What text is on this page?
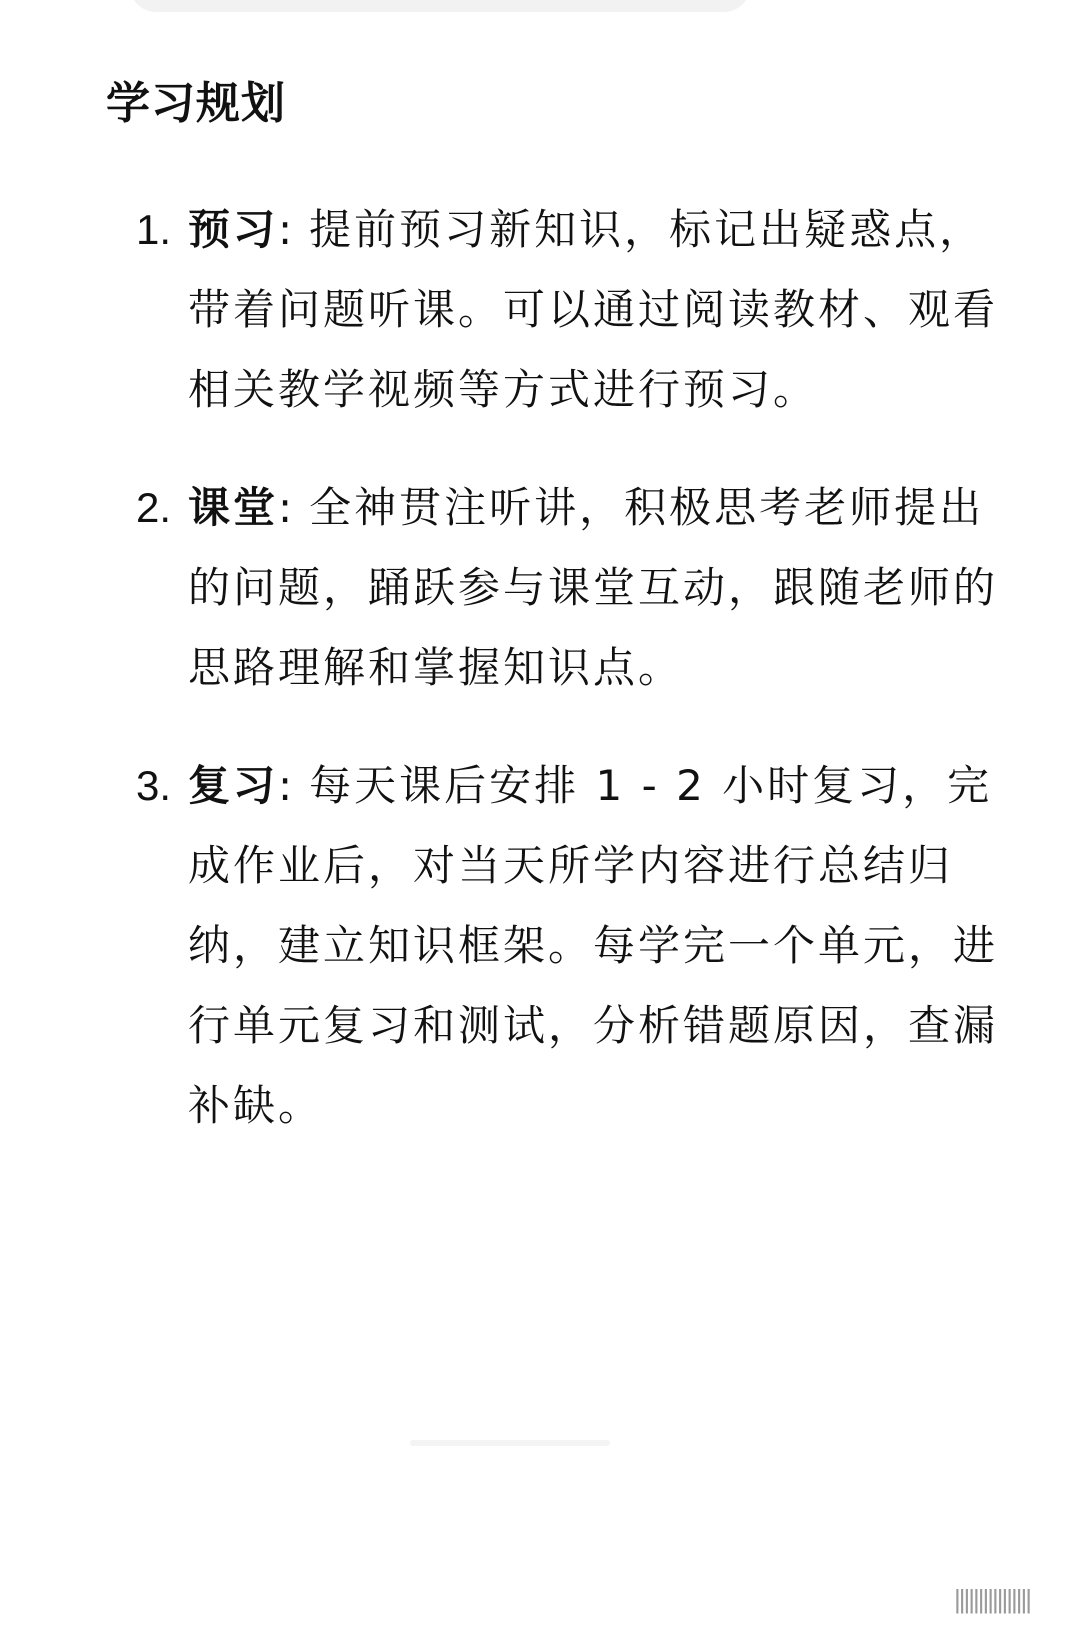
学习规划
1. 预习: 提前预习新知识，标记出疑惑点，带着问题听课。可以通过阅读教材、观看相关教学视频等方式进行预习。
2. 课堂: 全神贯注听讲，积极思考老师提出的问题，踊跃参与课堂互动，跟随老师的思路理解和掌握知识点。
3. 复习: 每天课后安排 1 - 2 小时复习，完成作业后，对当天所学内容进行总结归纳，建立知识框架。每学完一个单元，进行单元复习和测试，分析错题原因，查漏补缺。
||||||||||||||||
